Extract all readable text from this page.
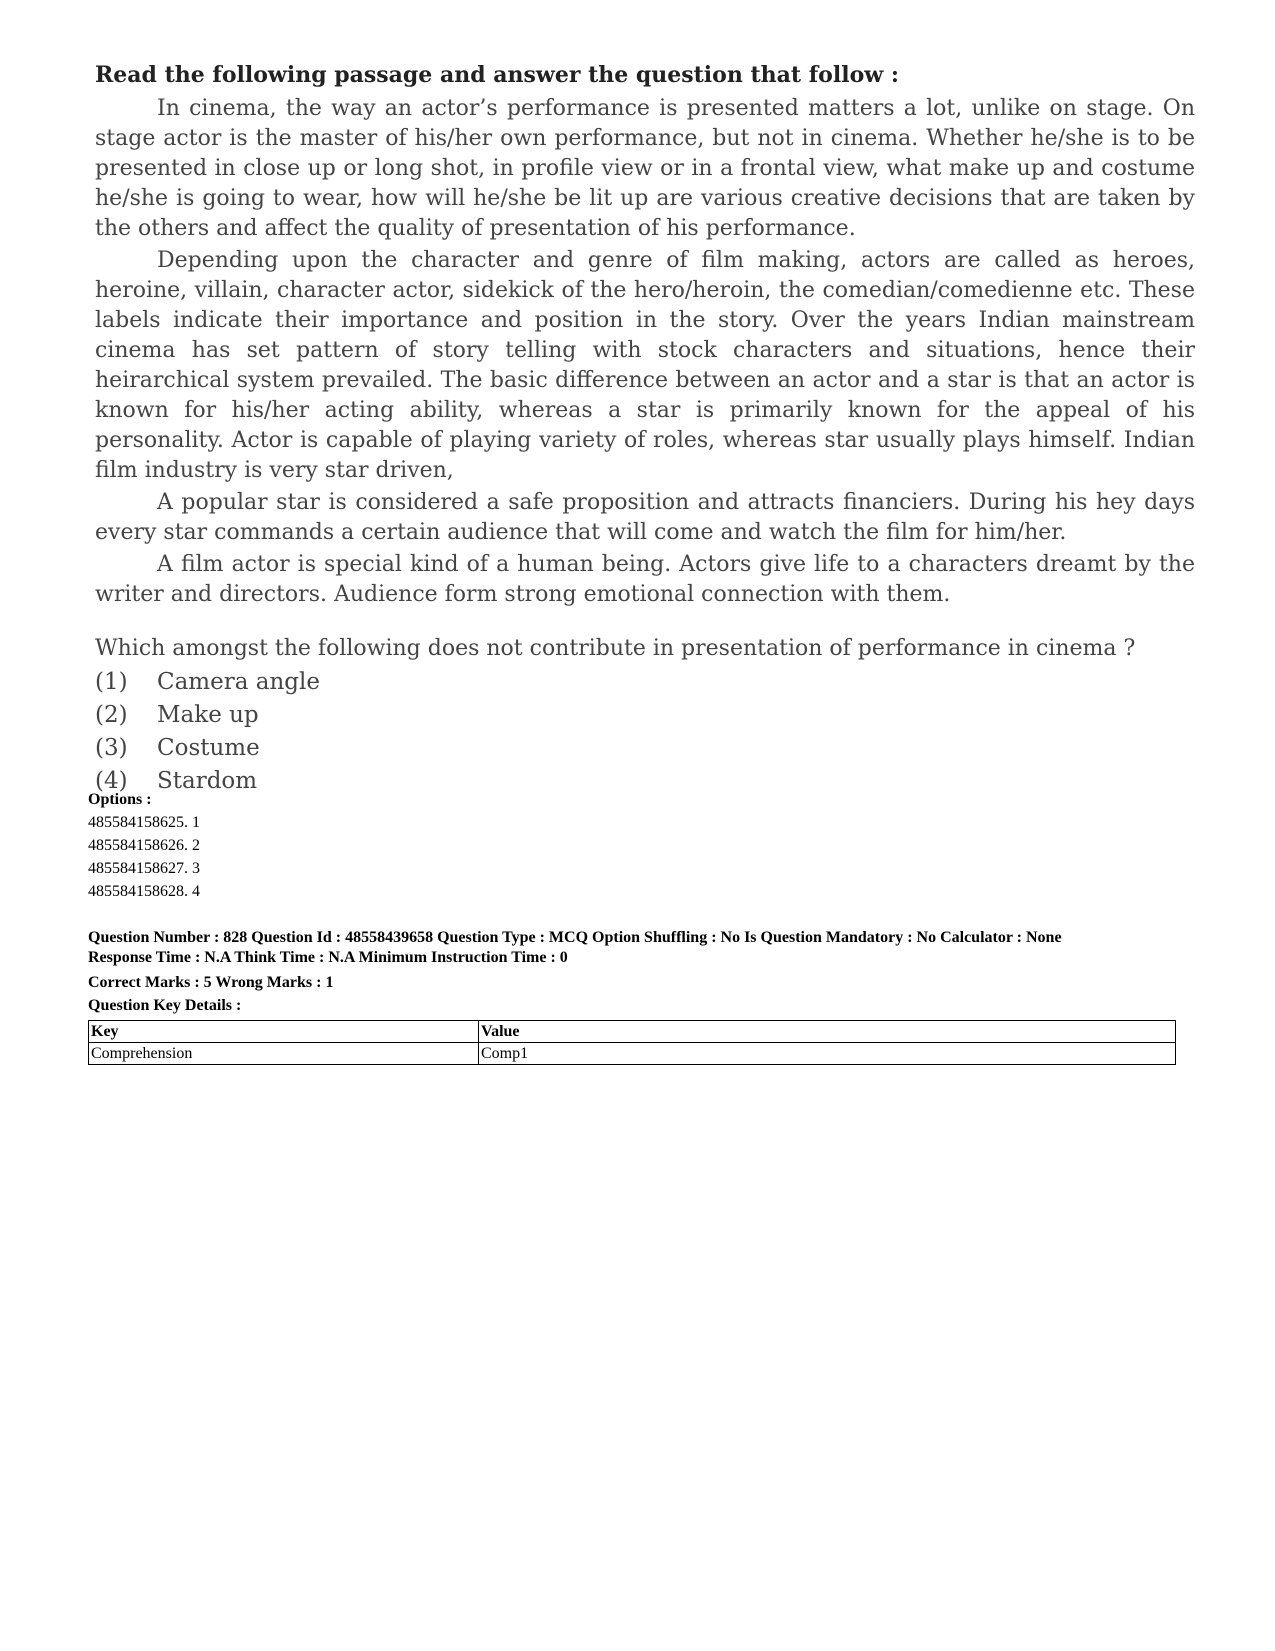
Read the following passage and answer the question that follow :

In cinema, the way an actor’s performance is presented matters a lot, unlike on stage. On stage actor is the master of his/her own performance, but not in cinema. Whether he/she is to be presented in close up or long shot, in profile view or in a frontal view, what make up and costume he/she is going to wear, how will he/she be lit up are various creative decisions that are taken by the others and affect the quality of presentation of his performance.

Depending upon the character and genre of film making, actors are called as heroes, heroine, villain, character actor, sidekick of the hero/heroin, the comedian/comedienne etc. These labels indicate their importance and position in the story. Over the years Indian mainstream cinema has set pattern of story telling with stock characters and situations, hence their heirarchical system prevailed. The basic difference between an actor and a star is that an actor is known for his/her acting ability, whereas a star is primarily known for the appeal of his personality. Actor is capable of playing variety of roles, whereas star usually plays himself. Indian film industry is very star driven,

A popular star is considered a safe proposition and attracts financiers. During his hey days every star commands a certain audience that will come and watch the film for him/her.

A film actor is special kind of a human being. Actors give life to a characters dreamt by the writer and directors. Audience form strong emotional connection with them.

Which amongst the following does not contribute in presentation of performance in cinema ?
(1)	Camera angle
(2)	Make up
(3)	Costume
(4)	Stardom
Options :
485584158625. 1
485584158626. 2
485584158627. 3
485584158628. 4
Question Number : 828 Question Id : 48558439658 Question Type : MCQ Option Shuffling : No Is Question Mandatory : No Calculator : None
Response Time : N.A Think Time : N.A Minimum Instruction Time : 0
Correct Marks : 5 Wrong Marks : 1
Question Key Details :
Key	Value
Comprehension	Comp1
